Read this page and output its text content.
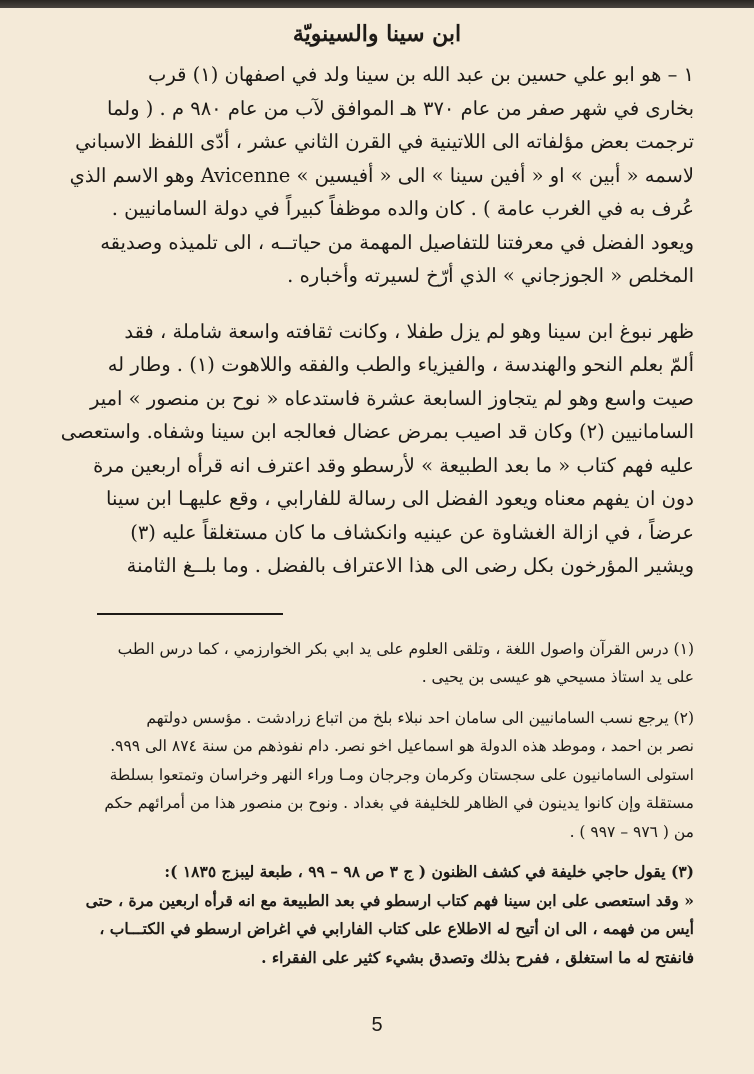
ابن سينا والسينويّة

١ – هو ابو علي حسين بن عبد الله بن سينا ولد في اصفهان (١) قرب
بخارى في شهر صفر من عام ٣٧٠ هـ الموافق لآب من عام ٩٨٠ م . ( ولما
ترجمت بعض مؤلفاته الى اللاتينية في القرن الثاني عشر ، أدّى اللفظ الاسباني
لاسمه « أبين » او « أفين سينا » الى « أفيسين » Avicenne وهو الاسم الذي
عُرف به في الغرب عامة ) . كان والده موظفاً كبيراً في دولة السامانيين .
ويعود الفضل في معرفتنا للتفاصيل المهمة من حياتــه ، الى تلميذه وصديقه
المخلص « الجوزجاني » الذي أرّخ لسيرته وأخباره .

ظهر نبوغ ابن سينا وهو لم يزل طفلا ، وكانت ثقافته واسعة شاملة ، فقد
ألمّ بعلم النحو والهندسة ، والفيزياء والطب والفقه واللاهوت (١) . وطار له
صيت واسع وهو لم يتجاوز السابعة عشرة فاستدعاه « نوح بن منصور » امير
السامانيين (٢) وكان قد اصيب بمرض عضال فعالجه ابن سينا وشفاه. واستعصى
عليه فهم كتاب « ما بعد الطبيعة » لأرسطو وقد اعترف انه قرأه اربعين مرة
دون ان يفهم معناه ويعود الفضل الى رسالة للفارابي ، وقع عليهـا ابن سينا
عرضاً ، في ازالة الغشاوة عن عينيه وانكشاف ما كان مستغلقاً عليه (٣)
ويشير المؤرخون بكل رضى الى هذا الاعتراف بالفضل . وما بلــغ الثامنة

(١) درس القرآن واصول اللغة ، وتلقى العلوم على يد ابي بكر الخوارزمي ، كما درس الطب
على يد استاذ مسيحي هو عيسى بن يحيى .
(٢) يرجع نسب السامانيين الى سامان احد نبلاء بلخ من اتباع زرادشت . مؤسس دولتهم
نصر بن احمد ، وموطد هذه الدولة هو اسماعيل اخو نصر. دام نفوذهم من سنة ٨٧٤ الى ٩٩٩.
استولى السامانيون على سجستان وكرمان وجرجان ومـا وراء النهر وخراسان وتمتعوا بسلطة
مستقلة وإن كانوا يدينون في الظاهر للخليفة في بغداد . ونوح بن منصور هذا من أمرائهم حكم
من ( ٩٧٦ – ٩٩٧ ) .
(٣) يقول حاجي خليفة في كشف الظنون ( ج ٣ ص ٩٨ – ٩٩ ، طبعة ليبزج ١٨٣٥ ):
« وقد استعصى على ابن سينا فهم كتاب ارسطو في بعد الطبيعة مع انه قرأه اربعين مرة ، حتى
أيس من فهمه ، الى ان أتيح له الاطلاع على كتاب الفارابي في اغراض ارسطو في الكتـــاب ،
فانفتح له ما استغلق ، ففرح بذلك وتصدق بشيء كثير على الفقراء .
5
